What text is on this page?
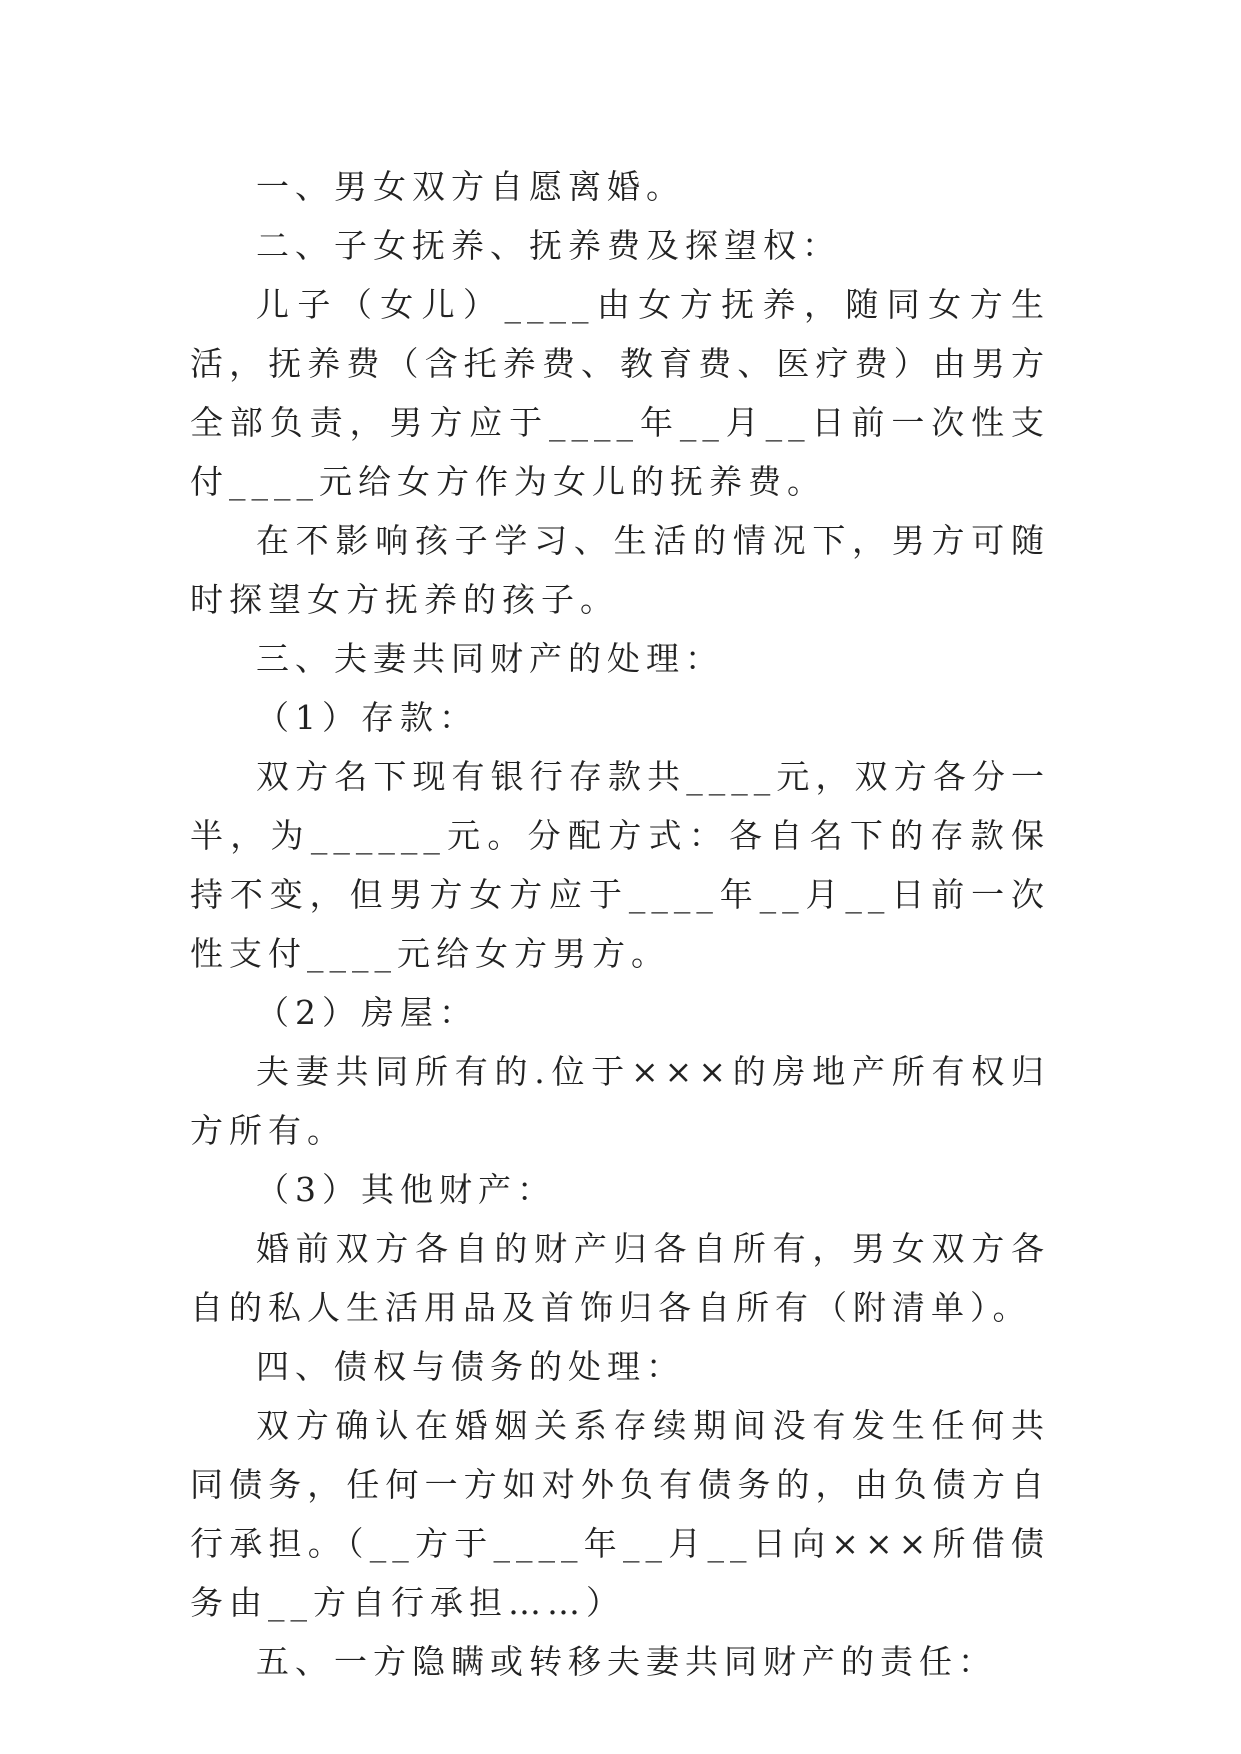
一、男女双方自愿离婚。

二、子女抚养、抚养费及探望权：

儿子（女儿）____由女方抚养，随同女方生活，抚养费（含托养费、教育费、医疗费）由男方全部负责，男方应于____年__月__日前一次性支付____元给女方作为女儿的抚养费。

在不影响孩子学习、生活的情况下，男方可随时探望女方抚养的孩子。

三、夫妻共同财产的处理：

（1）存款：

双方名下现有银行存款共____元，双方各分一半，为______元。分配方式：各自名下的存款保持不变，但男方女方应于____年__月__日前一次性支付____元给女方男方。

（2）房屋：

夫妻共同所有的.位于×××的房地产所有权归 方所有。

（3）其他财产：

婚前双方各自的财产归各自所有，男女双方各自的私人生活用品及首饰归各自所有（附清单）。

四、债权与债务的处理：

双方确认在婚姻关系存续期间没有发生任何共同债务，任何一方如对外负有债务的，由负债方自行承担。（__方于____年__月__日向×××所借债务由__方自行承担……）

五、一方隐瞒或转移夫妻共同财产的责任：
